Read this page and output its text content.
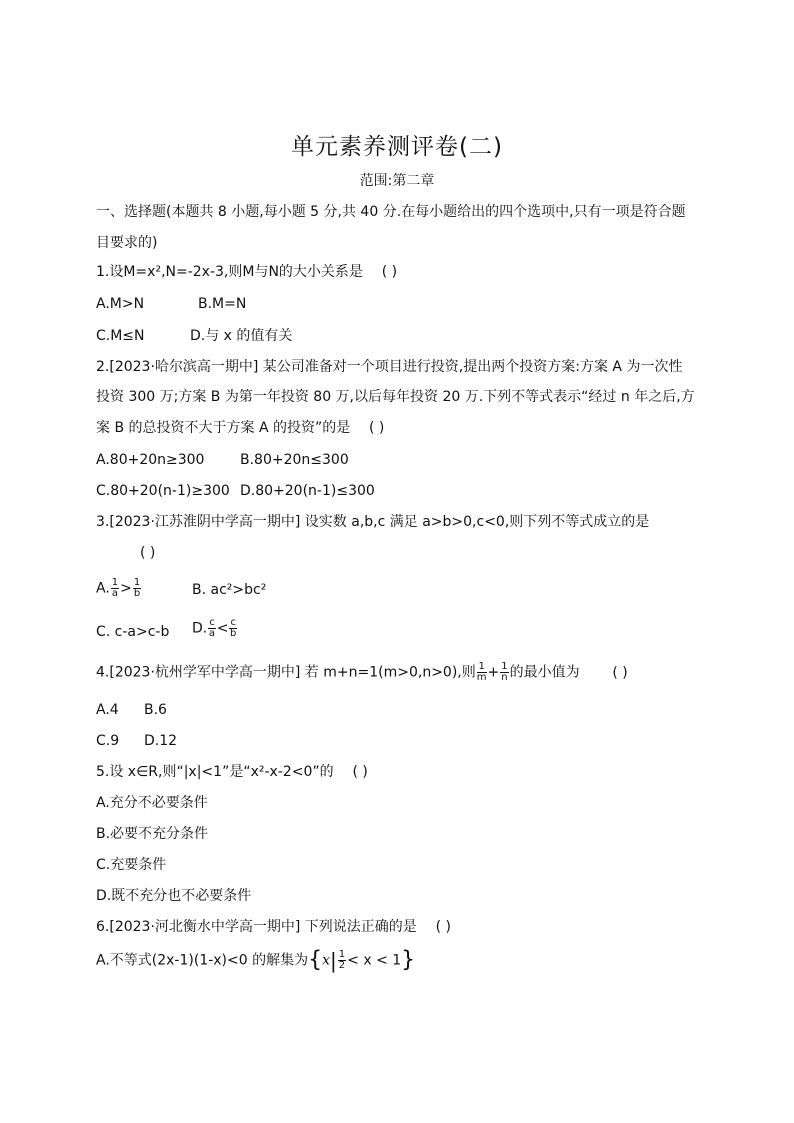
单元素养测评卷(二)
范围:第二章
一、选择题(本题共 8 小题,每小题 5 分,共 40 分.在每小题给出的四个选项中,只有一项是符合题
目要求的)
1.设M=x²,N=-2x-3,则M与N的大小关系是 ( )
A.M>N	B.M=N
C.M≤N	D.与 x 的值有关
2.[2023·哈尔滨高一期中] 某公司准备对一个项目进行投资,提出两个投资方案:方案 A 为一次性
投资 300 万;方案 B 为第一年投资 80 万,以后每年投资 20 万.下列不等式表示“经过 n 年之后,方
案 B 的总投资不大于方案 A 的投资”的是 ( )
A.80+20n≥300	B.80+20n≤300
C.80+20(n-1)≥300 D.80+20(n-1)≤300
3.[2023·江苏淮阴中学高一期中] 设实数 a,b,c 满足 a>b>0,c<0,则下列不等式成立的是
( )
A. $\frac{1}{a} > \frac{1}{b}$	B. ac²>bc²
C. c-a>c-b D. $\frac{c}{a} < \frac{c}{b}$
4.[2023·杭州学军中学高一期中] 若 m+n=1(m>0,n>0),则 $\frac{1}{m} + \frac{1}{n}$ 的最小值为 ( )
A.4 B.6
C.9 D.12
5.设 x∈R,则“|x|<1”是“x²-x-2<0”的 ( )
A.充分不必要条件
B.必要不充分条件
C.充要条件
D.既不充分也不必要条件
6.[2023·河北衡水中学高一期中] 下列说法正确的是 ( )
A.不等式(2x-1)(1-x)<0 的解集为$\{x| \frac{1}{2} < x < 1\}$
